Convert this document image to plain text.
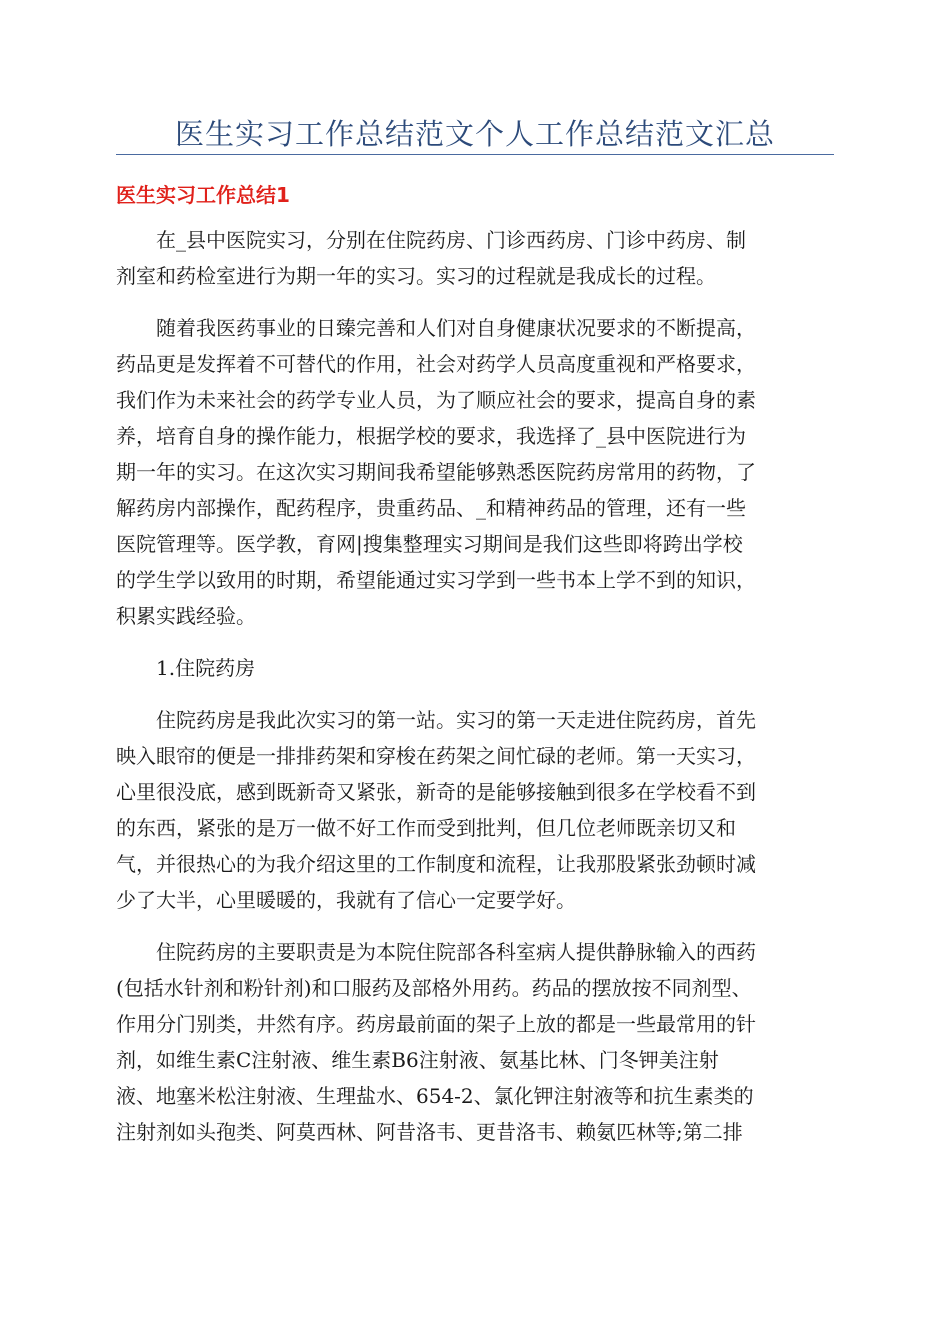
医生实习工作总结范文个人工作总结范文汇总
医生实习工作总结1
在_县中医院实习，分别在住院药房、门诊西药房、门诊中药房、制
剂室和药检室进行为期一年的实习。实习的过程就是我成长的过程。
随着我医药事业的日臻完善和人们对自身健康状况要求的不断提高，
药品更是发挥着不可替代的作用，社会对药学人员高度重视和严格要求，
我们作为未来社会的药学专业人员，为了顺应社会的要求，提高自身的素
养，培育自身的操作能力，根据学校的要求，我选择了_县中医院进行为
期一年的实习。在这次实习期间我希望能够熟悉医院药房常用的药物，了
解药房内部操作，配药程序，贵重药品、_和精神药品的管理，还有一些
医院管理等。医学教，育网|搜集整理实习期间是我们这些即将跨出学校
的学生学以致用的时期，希望能通过实习学到一些书本上学不到的知识，
积累实践经验。
1.住院药房
住院药房是我此次实习的第一站。实习的第一天走进住院药房，首先
映入眼帘的便是一排排药架和穿梭在药架之间忙碌的老师。第一天实习，
心里很没底，感到既新奇又紧张，新奇的是能够接触到很多在学校看不到
的东西，紧张的是万一做不好工作而受到批判，但几位老师既亲切又和
气，并很热心的为我介绍这里的工作制度和流程，让我那股紧张劲顿时减
少了大半，心里暖暖的，我就有了信心一定要学好。
住院药房的主要职责是为本院住院部各科室病人提供静脉输入的西药
(包括水针剂和粉针剂)和口服药及部格外用药。药品的摆放按不同剂型、
作用分门别类，井然有序。药房最前面的架子上放的都是一些最常用的针
剂，如维生素C注射液、维生素B6注射液、氨基比林、门冬钾美注射
液、地塞米松注射液、生理盐水、654-2、氯化钾注射液等和抗生素类的
注射剂如头孢类、阿莫西林、阿昔洛韦、更昔洛韦、赖氨匹林等;第二排
